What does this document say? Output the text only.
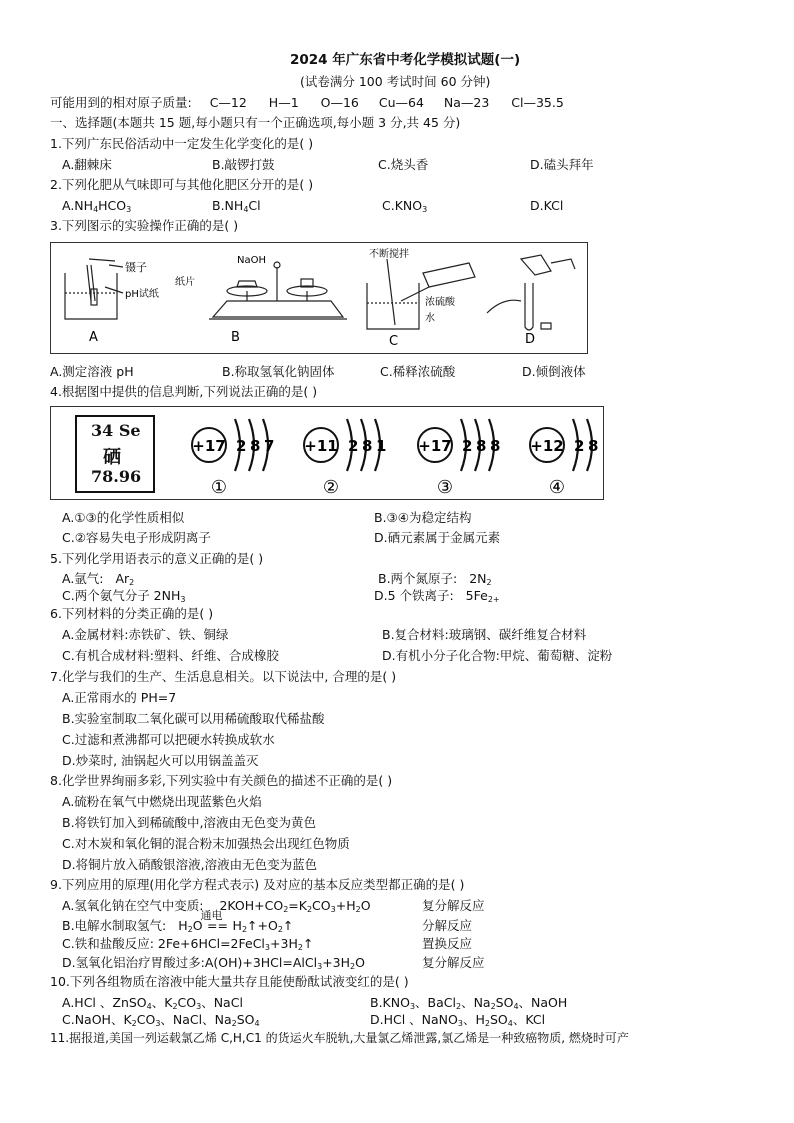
2024 年广东省中考化学模拟试题(一)
(试卷满分 100 考试时间 60 分钟)
可能用到的相对原子质量: C—12 H—1 O—16 Cu—64 Na—23 Cl—35.5
一、选择题(本题共 15 题,每小题只有一个正确选项,每小题 3 分,共 45 分)
1.下列广东民俗活动中一定发生化学变化的是( )
A.翻棘床	B.敲锣打鼓	C.烧头香	D.磕头拜年
2.下列化肥从气味即可与其他化肥区分开的是( )
$A.NH_4HCO_3$	$B.NH_4Cl$	$C.KNO_3$	D.KCl
3.下列图示的实验操作正确的是( )
镊子
pH试纸
A
NaOH
纸片
B
不断搅拌
浓硫酸
水
C	D
A.测定溶液 pH	B.称取氢氧化钠固体	C.稀释浓硫酸	D.倾倒液体
4.根据图中提供的信息判断,下列说法正确的是( )
34 Se
硒
78.96
+17 2 8 7
①
+11 2 8 1
②
+17 2 8 8
③
+12 2 8
④
A.①③的化学性质相似	B.③④为稳定结构
C.②容易失电子形成阴离子	D.硒元素属于金属元素
5.下列化学用语表示的意义正确的是( )
A.氩气: $Ar_2$	B.两个氮原子: $2N_2$
C.两个氨气分子 $2NH_3$	D.5 个铁离子: $5Fe_{2+}$
6.下列材料的分类正确的是( )
A.金属材料:赤铁矿、铁、铜绿	B.复合材料:玻璃钢、碳纤维复合材料
C.有机合成材料:塑料、纤维、合成橡胶	D.有机小分子化合物:甲烷、葡萄糖、淀粉
7.化学与我们的生产、生活息息相关。以下说法中, 合理的是( )
A.正常雨水的 PH=7
B.实验室制取二氧化碳可以用稀硫酸取代稀盐酸
C.过滤和煮沸都可以把硬水转换成软水
D.炒菜时, 油锅起火可以用锅盖盖灭
8.化学世界绚丽多彩,下列实验中有关颜色的描述不正确的是( )
A.硫粉在氧气中燃烧出现蓝紫色火焰
B.将铁钉加入到稀硫酸中,溶液由无色变为黄色
C.对木炭和氧化铜的混合粉末加强热会出现红色物质
D.将铜片放入硝酸银溶液,溶液由无色变为蓝色
9.下列应用的原理(用化学方程式表示) 及对应的基本反应类型都正确的是( )
A.氢氧化钠在空气中变质: $2KOH+CO_2=K_2CO_3+H_2O$	复分解反应
B.电解水制取氢气: $H_2O$
通电
== $H_2↑+O_2↑$	分解反应
C.铁和盐酸反应: $2Fe+6HCl=2FeCl_3+3H_2↑$	置换反应
D.氢氧化铝治疗胃酸过多$:A(OH)+3HCl=AlCl_3+3H_2O$	复分解反应
10.下列各组物质在溶液中能大量共存且能使酚酞试液变红的是( )
A.HCl 、ZnSO$_4$、$K_2CO_3$、NaCl	$B.KNO_3$、BaCl$_2$、$Na_2SO_4$、NaOH
C.NaOH、$K_2CO_3$、NaCl、$Na_2SO_4$	D.HCl 、NaNO$_3$、$H_2SO_4$、KCl
11.据报道,美国一列运载氯乙烯 C,H,C1 的货运火车脱轨,大量氯乙烯泄露,氯乙烯是一种致癌物质, 燃烧时可产
